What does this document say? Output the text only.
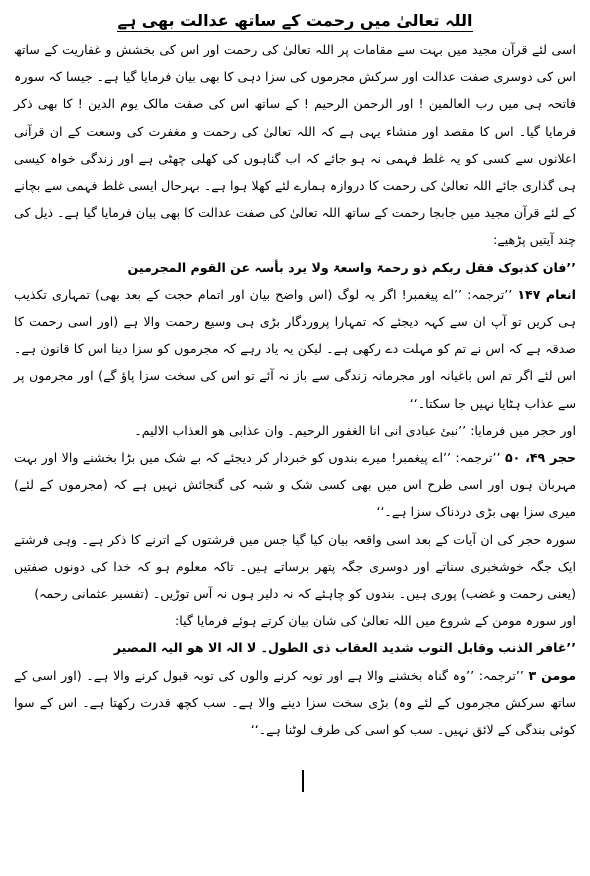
اللہ تعالیٰ میں رحمت کے ساتھ عدالت بھی ہے

اسی لئے قرآن مجید میں بہت سے مقامات پر اللہ تعالیٰ کی رحمت اور اس کی بخشش و غفاریت کے ساتھ اس کی دوسری صفت عدالت اور سرکش مجرموں کی سزا دہی کا بھی بیان فرمایا گیا ہے۔ جیسا کہ سورہ فاتحہ ہی میں رب العالمین ! اور الرحمن الرحیم ! کے ساتھ اس کی صفت مالک یوم الدین ! کا بھی ذکر فرمایا گیا۔ اس کا مقصد اور منشاء یہی ہے کہ اللہ تعالیٰ کی رحمت و مغفرت کی وسعت کے ان قرآنی اعلانوں سے کسی کو یہ غلط فہمی نہ ہو جائے کہ اب گناہوں کی کھلی چھٹی ہے اور زندگی خواہ کیسی ہی گذاری جائے اللہ تعالیٰ کی رحمت کا دروازہ ہمارے لئے کھلا ہوا ہے۔ بہرحال ایسی غلط فہمی سے بچانے کے لئے قرآن مجید میں جابجا رحمت کے ساتھ اللہ تعالیٰ کی صفت عدالت کا بھی بیان فرمایا گیا ہے۔ ذیل کی چند آیتیں پڑھیے:

’’فان کذبوک فقل ربکم ذو رحمۃ واسعۃ ولا یرد بأسہ عن القوم المجرمین

انعام ۱۴۷ ’’ترجمہ: ’’اے پیغمبر! اگر یہ لوگ (اس واضح بیان اور اتمام حجت کے بعد بھی) تمہاری تکذیب ہی کریں تو آپ ان سے کہہ دیجئے کہ تمہارا پروردگار بڑی ہی وسیع رحمت والا ہے (اور اسی رحمت کا صدقہ ہے کہ اس نے تم کو مہلت دے رکھی ہے۔ لیکن یہ یاد رہے کہ مجرموں کو سزا دینا اس کا قانون ہے۔ اس لئے اگر تم اس باغیانہ اور مجرمانہ زندگی سے باز نہ آئے تو اس کی سخت سزا پاؤ گے) اور مجرموں پر سے عذاب ہٹایا نہیں جا سکتا۔‘‘

اور حجر میں فرمایا: ’’نبئ عبادی انی انا الغفور الرحیم۔ وان عذابی ھو العذاب الالیم۔

حجر ۴۹، ۵۰ ’’ترجمہ: ’’اے پیغمبر! میرے بندوں کو خبردار کر دیجئے کہ بے شک میں بڑا بخشنے والا اور بہت مہربان ہوں اور اسی طرح اس میں بھی کسی شک و شبہ کی گنجائش نہیں ہے کہ (مجرموں کے لئے) میری سزا بھی بڑی دردناک سزا ہے۔‘‘

سورہ حجر کی ان آیات کے بعد اسی واقعہ بیان کیا گیا جس میں فرشتوں کے اترنے کا ذکر ہے۔ وہی فرشتے ایک جگہ خوشخبری سناتے اور دوسری جگہ پتھر برساتے ہیں۔ تاکہ معلوم ہو کہ خدا کی دونوں صفتیں (یعنی رحمت و غضب) پوری ہیں۔ بندوں کو چاہئے کہ نہ دلیر ہوں نہ آس توڑیں۔ (تفسیر عثمانی رحمہ)

اور سورہ مومن کے شروع میں اللہ تعالیٰ کی شان بیان کرتے ہوئے فرمایا گیا:

’’غافر الذنب وقابل التوب شدید العقاب ذی الطول۔ لا الہ الا ھو الیہ المصیر

مومن ۳ ’’ترجمہ: ’’وہ گناہ بخشنے والا ہے اور توبہ کرنے والوں کی توبہ قبول کرنے والا ہے۔ (اور اسی کے ساتھ سرکش مجرموں کے لئے وہ) بڑی سخت سزا دینے والا ہے۔ سب کچھ قدرت رکھتا ہے۔ اس کے سوا کوئی بندگی کے لائق نہیں۔ سب کو اسی کی طرف لوٹنا ہے۔‘‘
